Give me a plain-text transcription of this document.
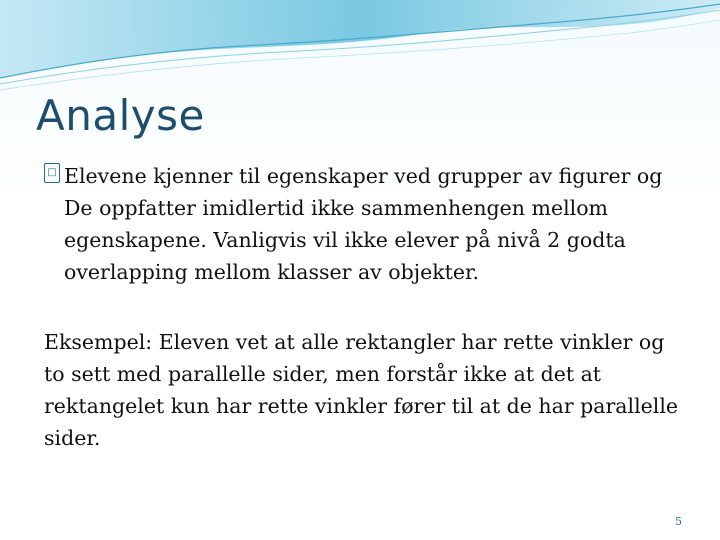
Analyse
□ Elevene kjenner til egenskaper ved grupper av figurer og De oppfatter imidlertid ikke sammenhengen mellom egenskapene. Vanligvis vil ikke elever på nivå 2 godta overlapping mellom klasser av objekter.

Eksempel: Eleven vet at alle rektangler har rette vinkler og to sett med parallelle sider, men forstår ikke at det at rektangelet kun har rette vinkler fører til at de har parallelle sider.

5
